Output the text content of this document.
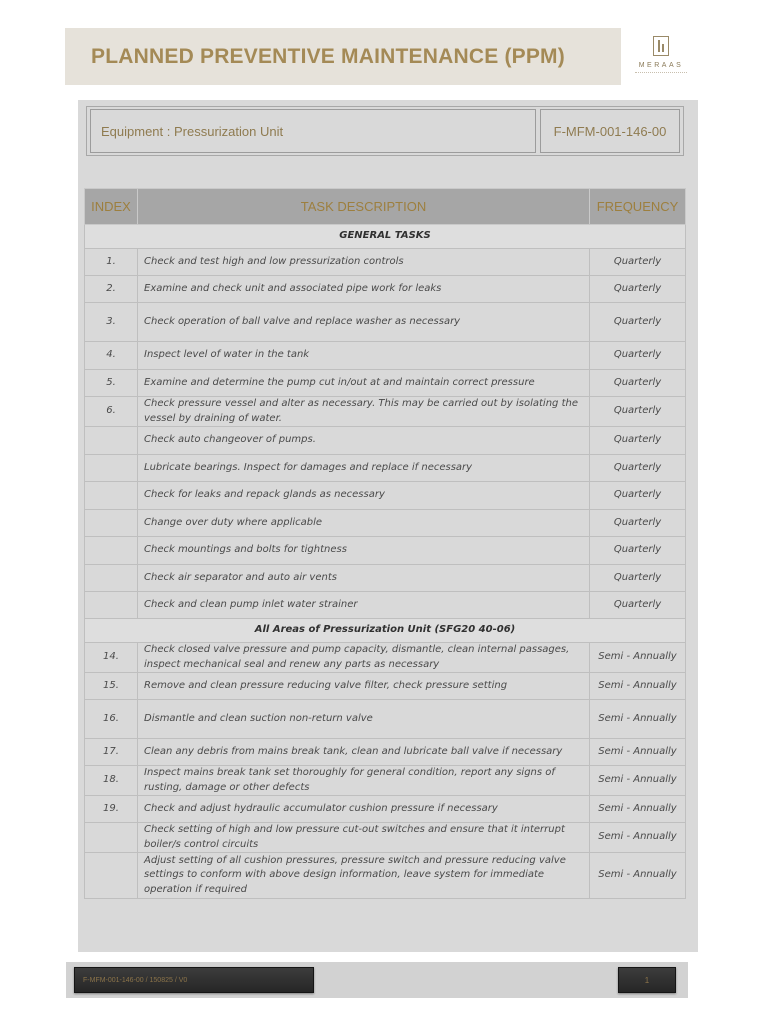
PLANNED PREVENTIVE MAINTENANCE (PPM)	MERAAS
Equipment : Pressurization Unit	F-MFM-001-146-00
INDEX	TASK DESCRIPTION	FREQUENCY
GENERAL TASKS		
1.	Check and test high and low pressurization controls	Quarterly
2.	Examine and check unit and associated pipe work for leaks	Quarterly
3.	Check operation of ball valve and replace washer as necessary	Quarterly
4.	Inspect level of water in the tank	Quarterly
5.	Examine and determine the pump cut in/out at and maintain correct pressure	Quarterly
6.	Check pressure vessel and alter as necessary. This may be carried out by isolating the vessel by draining of water.	Quarterly
	Check auto changeover of pumps.	Quarterly
	Lubricate bearings. Inspect for damages and replace if necessary	Quarterly
	Check for leaks and repack glands as necessary	Quarterly
	Change over duty where applicable	Quarterly
	Check mountings and bolts for tightness	Quarterly
	Check air separator and auto air vents	Quarterly
	Check and clean pump inlet water strainer	Quarterly
All Areas of Pressurization Unit (SFG20 40-06)		
14.	Check closed valve pressure and pump capacity, dismantle, clean internal passages, inspect mechanical seal and renew any parts as necessary	Semi - Annually
15.	Remove and clean pressure reducing valve filter, check pressure setting	Semi - Annually
16.	Dismantle and clean suction non-return valve	Semi - Annually
17.	Clean any debris from mains break tank, clean and lubricate ball valve if necessary	Semi - Annually
18.	Inspect mains break tank set thoroughly for general condition, report any signs of rusting, damage or other defects	Semi - Annually
19.	Check and adjust hydraulic accumulator cushion pressure if necessary	Semi - Annually
	Check setting of high and low pressure cut-out switches and ensure that it interrupt boiler/s control circuits	Semi - Annually
	Adjust setting of all cushion pressures, pressure switch and pressure reducing valve settings to conform with above design information, leave system for immediate operation if required	Semi - Annually
F-MFM-001-146-00 / 150825 / V0	1
